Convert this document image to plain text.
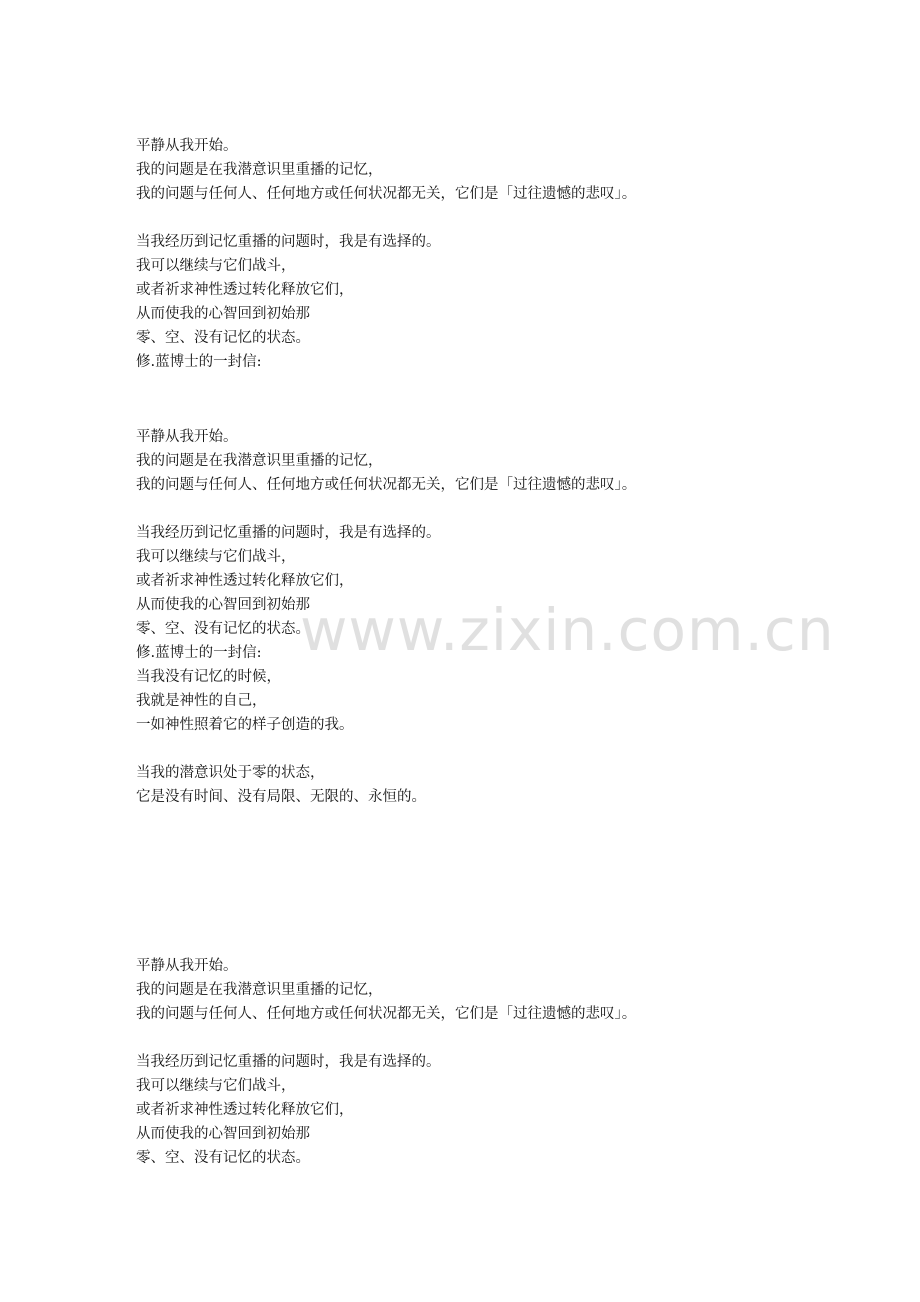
平静从我开始。
我的问题是在我潜意识里重播的记忆，
我的问题与任何人、任何地方或任何状况都无关，它们是「过往遗憾的悲叹」。
当我经历到记忆重播的问题时，我是有选择的。
我可以继续与它们战斗，
或者祈求神性透过转化释放它们，
从而使我的心智回到初始那
零、空、没有记忆的状态。
修.蓝博士的一封信:
平静从我开始。
我的问题是在我潜意识里重播的记忆，
我的问题与任何人、任何地方或任何状况都无关，它们是「过往遗憾的悲叹」。
当我经历到记忆重播的问题时，我是有选择的。
我可以继续与它们战斗，
或者祈求神性透过转化释放它们，
从而使我的心智回到初始那
零、空、没有记忆的状态。
修.蓝博士的一封信:
当我没有记忆的时候，
我就是神性的自己，
一如神性照着它的样子创造的我。
当我的潜意识处于零的状态，
它是没有时间、没有局限、无限的、永恒的。
平静从我开始。
我的问题是在我潜意识里重播的记忆，
我的问题与任何人、任何地方或任何状况都无关，它们是「过往遗憾的悲叹」。
当我经历到记忆重播的问题时，我是有选择的。
我可以继续与它们战斗，
或者祈求神性透过转化释放它们，
从而使我的心智回到初始那
零、空、没有记忆的状态。
www.zixin.com.cn
